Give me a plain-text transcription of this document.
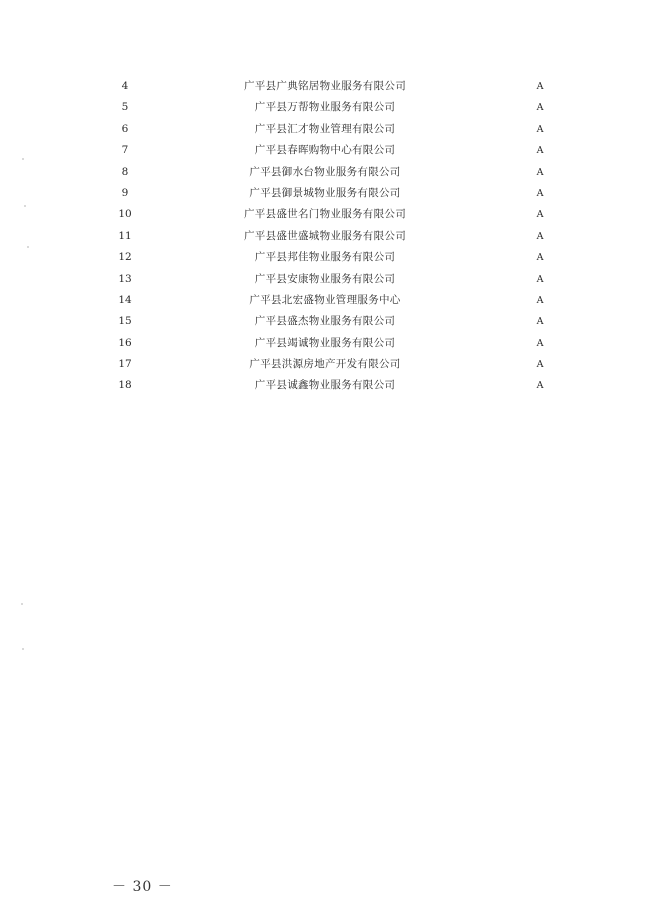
4	广平县广典铭居物业服务有限公司	A
5	广平县万帮物业服务有限公司	A
6	广平县汇才物业管理有限公司	A
7	广平县春晖购物中心有限公司	A
8	广平县御水台物业服务有限公司	A
9	广平县御景城物业服务有限公司	A
10	广平县盛世名门物业服务有限公司	A
11	广平县盛世盛城物业服务有限公司	A
12	广平县邦佳物业服务有限公司	A
13	广平县安康物业服务有限公司	A
14	广平县北宏盛物业管理服务中心	A
15	广平县盛杰物业服务有限公司	A
16	广平县竭诚物业服务有限公司	A
17	广平县洪源房地产开发有限公司	A
18	广平县诚鑫物业服务有限公司	A
－ 30 －
